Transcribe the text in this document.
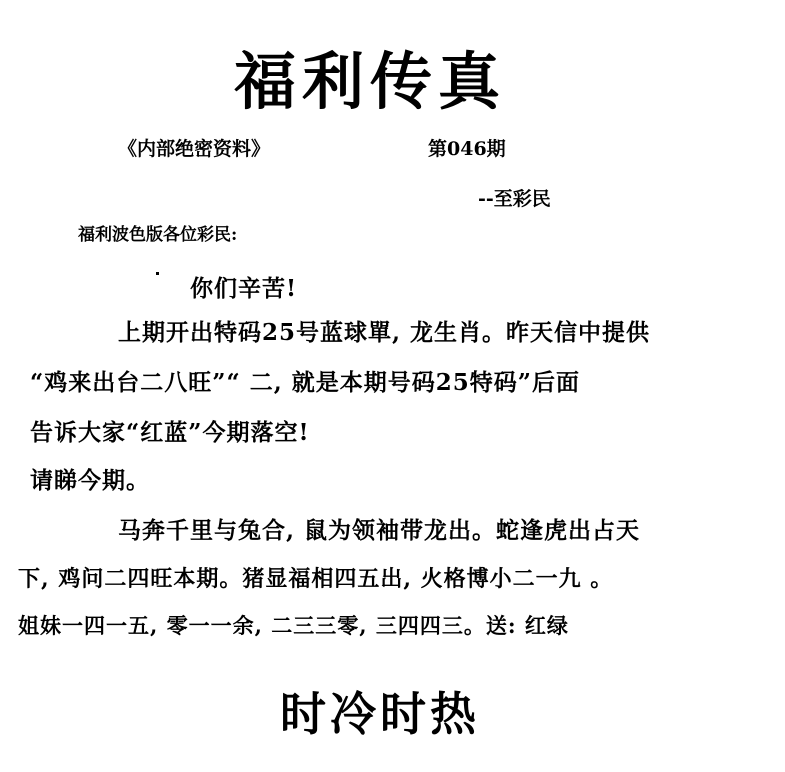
福利传真
《内部绝密资料》	第046期
--至彩民
福利波色版各位彩民:
你们辛苦!
上期开出特码25号蓝球單, 龙生肖。昨天信中提供
“鸡来出台二八旺”“ 二, 就是本期号码25特码”后面
告诉大家“红蓝”今期落空!
请睇今期。
马奔千里与兔合, 鼠为领袖带龙出。蛇逢虎出占天
下, 鸡问二四旺本期。猪显福相四五出, 火格博小二一九 。
姐妹一四一五, 零一一余, 二三三零, 三四四三。送: 红绿
时冷时热
